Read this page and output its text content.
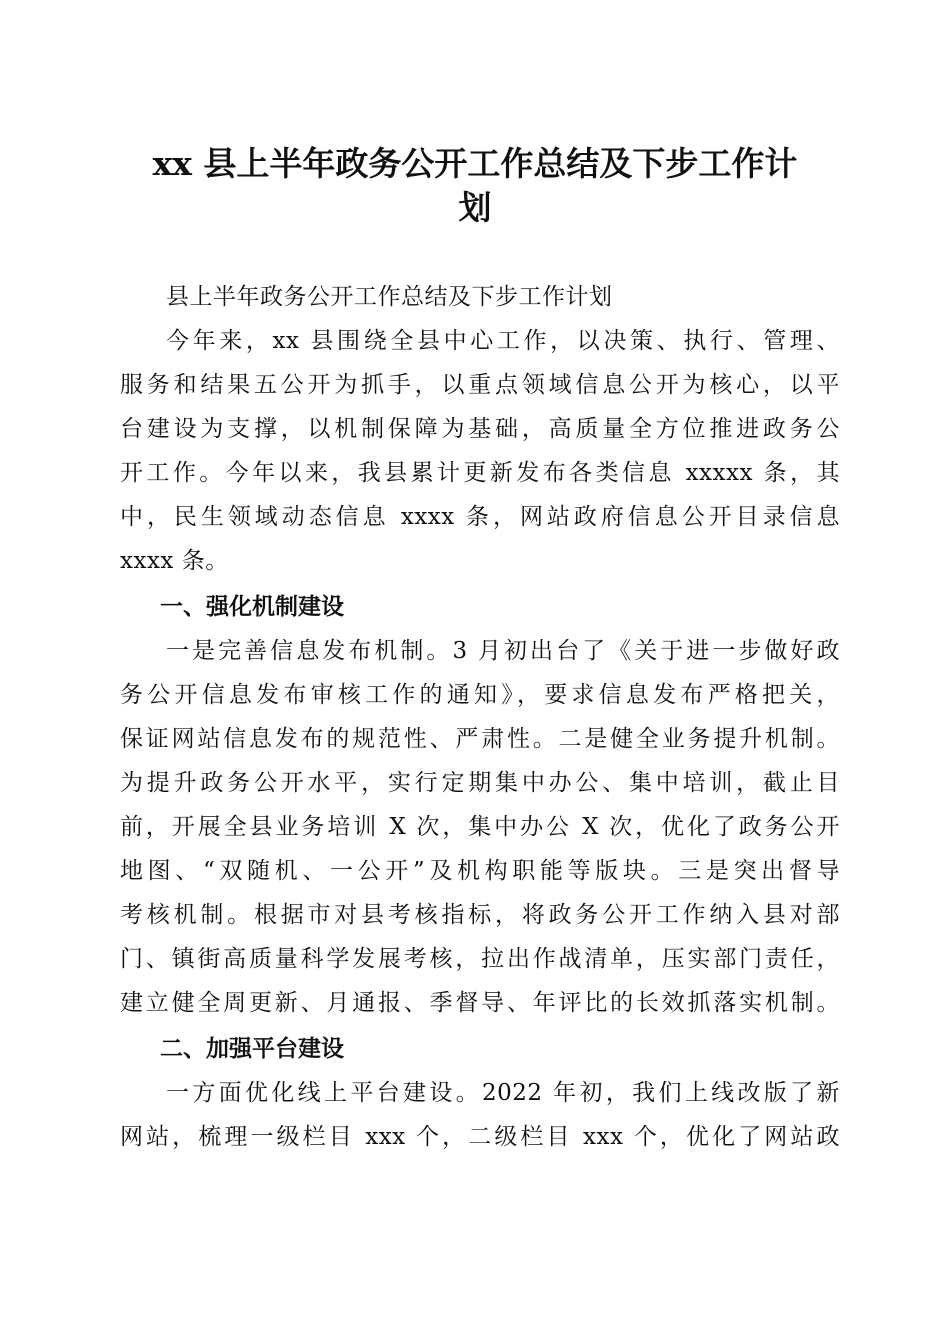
xx 县上半年政务公开工作总结及下步工作计
划
县上半年政务公开工作总结及下步工作计划
今年来，xx 县围绕全县中心工作，以决策、执行、管理、
服务和结果五公开为抓手，以重点领域信息公开为核心，以平
台建设为支撑，以机制保障为基础，高质量全方位推进政务公
开工作。今年以来，我县累计更新发布各类信息 xxxxx 条，其
中，民生领域动态信息 xxxx 条，网站政府信息公开目录信息
xxxx 条。
一、强化机制建设
一是完善信息发布机制。3 月初出台了《关于进一步做好政
务公开信息发布审核工作的通知》，要求信息发布严格把关，
保证网站信息发布的规范性、严肃性。二是健全业务提升机制。
为提升政务公开水平，实行定期集中办公、集中培训，截止目
前，开展全县业务培训 X 次，集中办公 X 次，优化了政务公开
地图、“双随机、一公开”及机构职能等版块。三是突出督导
考核机制。根据市对县考核指标，将政务公开工作纳入县对部
门、镇街高质量科学发展考核，拉出作战清单，压实部门责任，
建立健全周更新、月通报、季督导、年评比的长效抓落实机制。
二、加强平台建设
一方面优化线上平台建设。2022 年初，我们上线改版了新
网站，梳理一级栏目 xxx 个，二级栏目 xxx 个，优化了网站政
